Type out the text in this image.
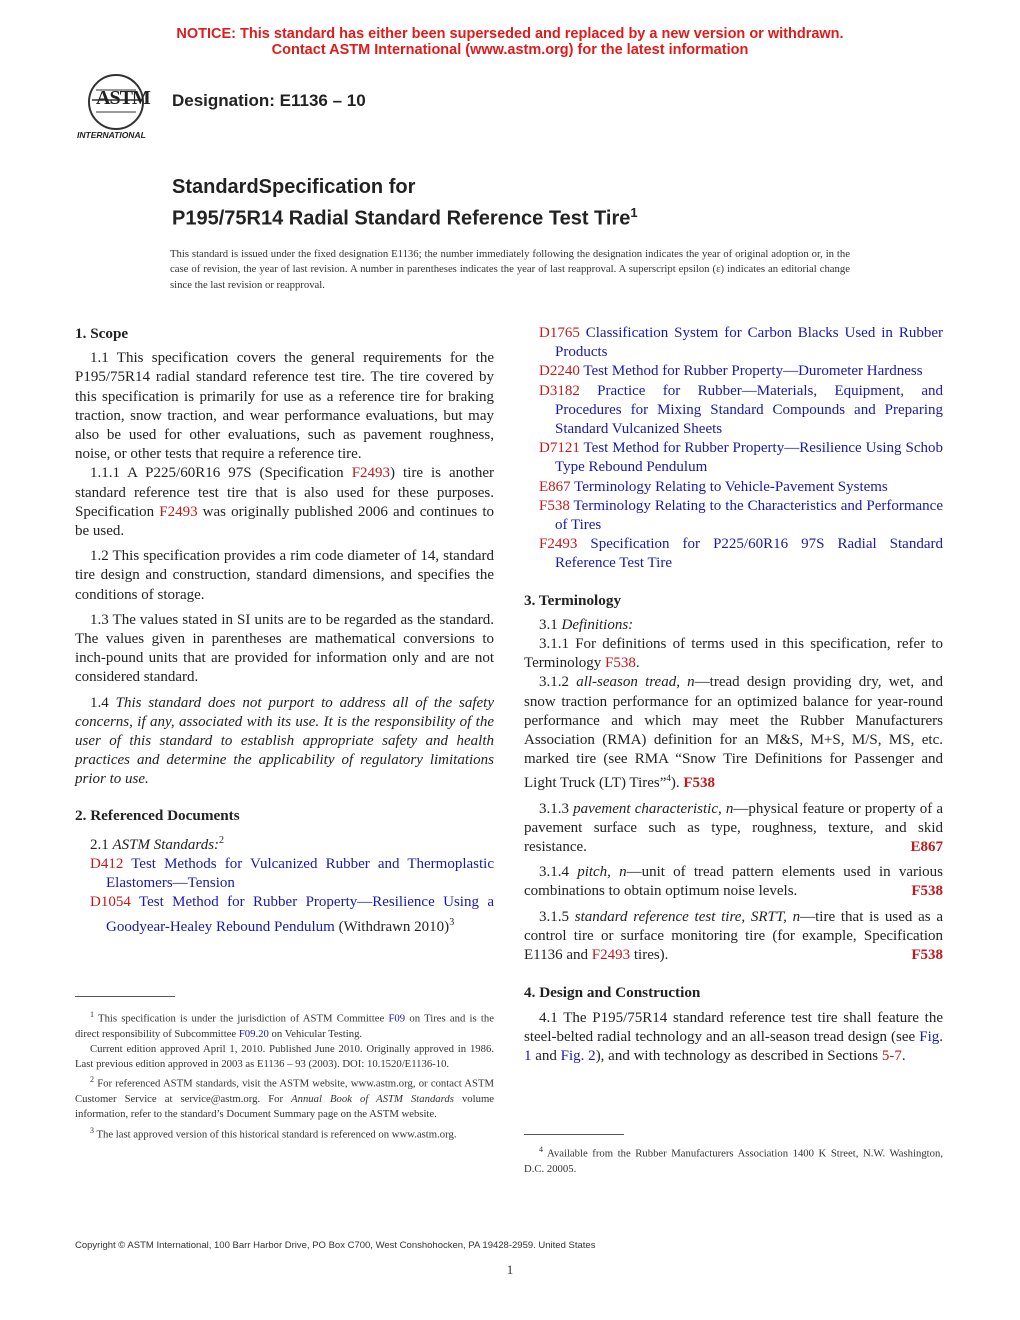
NOTICE: This standard has either been superseded and replaced by a new version or withdrawn.
Contact ASTM International (www.astm.org) for the latest information
ASTM
INTERNATIONAL
Designation: E1136 – 10
StandardSpecification for
P195/75R14 Radial Standard Reference Test Tire$^1$
This standard is issued under the fixed designation E1136; the number immediately following the designation indicates the year of original adoption or, in the case of revision, the year of last revision. A number in parentheses indicates the year of last reapproval. A superscript epsilon (ε) indicates an editorial change since the last revision or reapproval.

1. Scope

1.1 This specification covers the general requirements for the P195/75R14 radial standard reference test tire. The tire covered by this specification is primarily for use as a reference tire for braking traction, snow traction, and wear performance evaluations, but may also be used for other evaluations, such as pavement roughness, noise, or other tests that require a reference tire.

1.1.1 A P225/60R16 97S (Specification F2493) tire is another standard reference test tire that is also used for these purposes. Specification F2493 was originally published 2006 and continues to be used.

1.2 This specification provides a rim code diameter of 14, standard tire design and construction, standard dimensions, and specifies the conditions of storage.

1.3 The values stated in SI units are to be regarded as the standard. The values given in parentheses are mathematical conversions to inch-pound units that are provided for information only and are not considered standard.

1.4 This standard does not purport to address all of the safety concerns, if any, associated with its use. It is the responsibility of the user of this standard to establish appropriate safety and health practices and determine the applicability of regulatory limitations prior to use.

2. Referenced Documents

2.1 ASTM Standards:$^2$

D412 Test Methods for Vulcanized Rubber and Thermoplastic Elastomers—Tension

D1054 Test Method for Rubber Property—Resilience Using a Goodyear-Healey Rebound Pendulum (Withdrawn 2010)$^3$

$^1$ This specification is under the jurisdiction of ASTM Committee F09 on Tires and is the direct responsibility of Subcommittee F09.20 on Vehicular Testing.

Current edition approved April 1, 2010. Published June 2010. Originally approved in 1986. Last previous edition approved in 2003 as E1136 – 93 (2003). DOI: 10.1520/E1136-10.

$^2$ For referenced ASTM standards, visit the ASTM website, www.astm.org, or contact ASTM Customer Service at service@astm.org. For Annual Book of ASTM Standards volume information, refer to the standard’s Document Summary page on the ASTM website.

$^3$ The last approved version of this historical standard is referenced on www.astm.org.

D1765 Classification System for Carbon Blacks Used in Rubber Products

D2240 Test Method for Rubber Property—Durometer Hardness

D3182 Practice for Rubber—Materials, Equipment, and Procedures for Mixing Standard Compounds and Preparing Standard Vulcanized Sheets

D7121 Test Method for Rubber Property—Resilience Using Schob Type Rebound Pendulum

E867 Terminology Relating to Vehicle-Pavement Systems

F538 Terminology Relating to the Characteristics and Performance of Tires

F2493 Specification for P225/60R16 97S Radial Standard Reference Test Tire

3. Terminology

3.1 Definitions:

3.1.1 For definitions of terms used in this specification, refer to Terminology F538.

3.1.2 all-season tread, n—tread design providing dry, wet, and snow traction performance for an optimized balance for year-round performance and which may meet the Rubber Manufacturers Association (RMA) definition for an M&S, M+S, M/S, MS, etc. marked tire (see RMA “Snow Tire Definitions for Passenger and Light Truck (LT) Tires”$^4$). F538

3.1.3 pavement characteristic, n—physical feature or property of a pavement surface such as type, roughness, texture, and skid resistance.	E867

3.1.4 pitch, n—unit of tread pattern elements used in various combinations to obtain optimum noise levels.	F538

3.1.5 standard reference test tire, SRTT, n—tire that is used as a control tire or surface monitoring tire (for example, Specification E1136 and F2493 tires).	F538

4. Design and Construction

4.1 The P195/75R14 standard reference test tire shall feature the steel-belted radial technology and an all-season tread design (see Fig. 1 and Fig. 2), and with technology as described in Sections 5-7.

$^4$ Available from the Rubber Manufacturers Association 1400 K Street, N.W. Washington, D.C. 20005.

Copyright © ASTM International, 100 Barr Harbor Drive, PO Box C700, West Conshohocken, PA 19428-2959. United States
1
